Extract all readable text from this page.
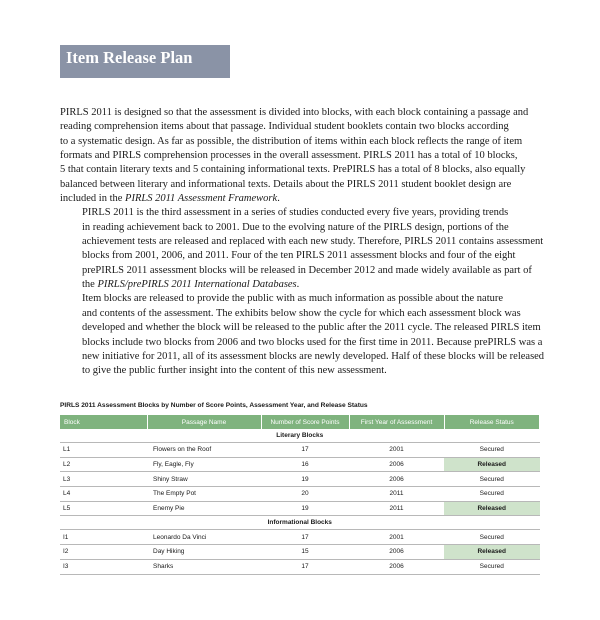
Item Release Plan

PIRLS 2011 is designed so that the assessment is divided into blocks, with each block containing a passage and
reading comprehension items about that passage. Individual student booklets contain two blocks according
to a systematic design. As far as possible, the distribution of items within each block reflects the range of item
formats and PIRLS comprehension processes in the overall assessment. PIRLS 2011 has a total of 10 blocks,
5 that contain literary texts and 5 containing informational texts. PrePIRLS has a total of 8 blocks, also equally
balanced between literary and informational texts. Details about the PIRLS 2011 student booklet design are
included in the PIRLS 2011 Assessment Framework.

PIRLS 2011 is the third assessment in a series of studies conducted every five years, providing trends
in reading achievement back to 2001. Due to the evolving nature of the PIRLS design, portions of the
achievement tests are released and replaced with each new study. Therefore, PIRLS 2011 contains assessment
blocks from 2001, 2006, and 2011. Four of the ten PIRLS 2011 assessment blocks and four of the eight
prePIRLS 2011 assessment blocks will be released in December 2012 and made widely available as part of
the PIRLS/prePIRLS 2011 International Databases.

Item blocks are released to provide the public with as much information as possible about the nature
and contents of the assessment. The exhibits below show the cycle for which each assessment block was
developed and whether the block will be released to the public after the 2011 cycle. The released PIRLS item
blocks include two blocks from 2006 and two blocks used for the first time in 2011. Because prePIRLS was a
new initiative for 2011, all of its assessment blocks are newly developed. Half of these blocks will be released
to give the public further insight into the content of this new assessment.

PIRLS 2011 Assessment Blocks by Number of Score Points, Assessment Year, and Release Status
Block	Passage Name	Number of Score Points	First Year of Assessment	Release Status
Literary Blocks				
L1	Flowers on the Roof	17	2001	Secured
L2	Fly, Eagle, Fly	16	2006	Released
L3	Shiny Straw	19	2006	Secured
L4	The Empty Pot	20	2011	Secured
L5	Enemy Pie	19	2011	Released
Informational Blocks				
I1	Leonardo Da Vinci	17	2001	Secured
I2	Day Hiking	15	2006	Released
I3	Sharks	17	2006	Secured
